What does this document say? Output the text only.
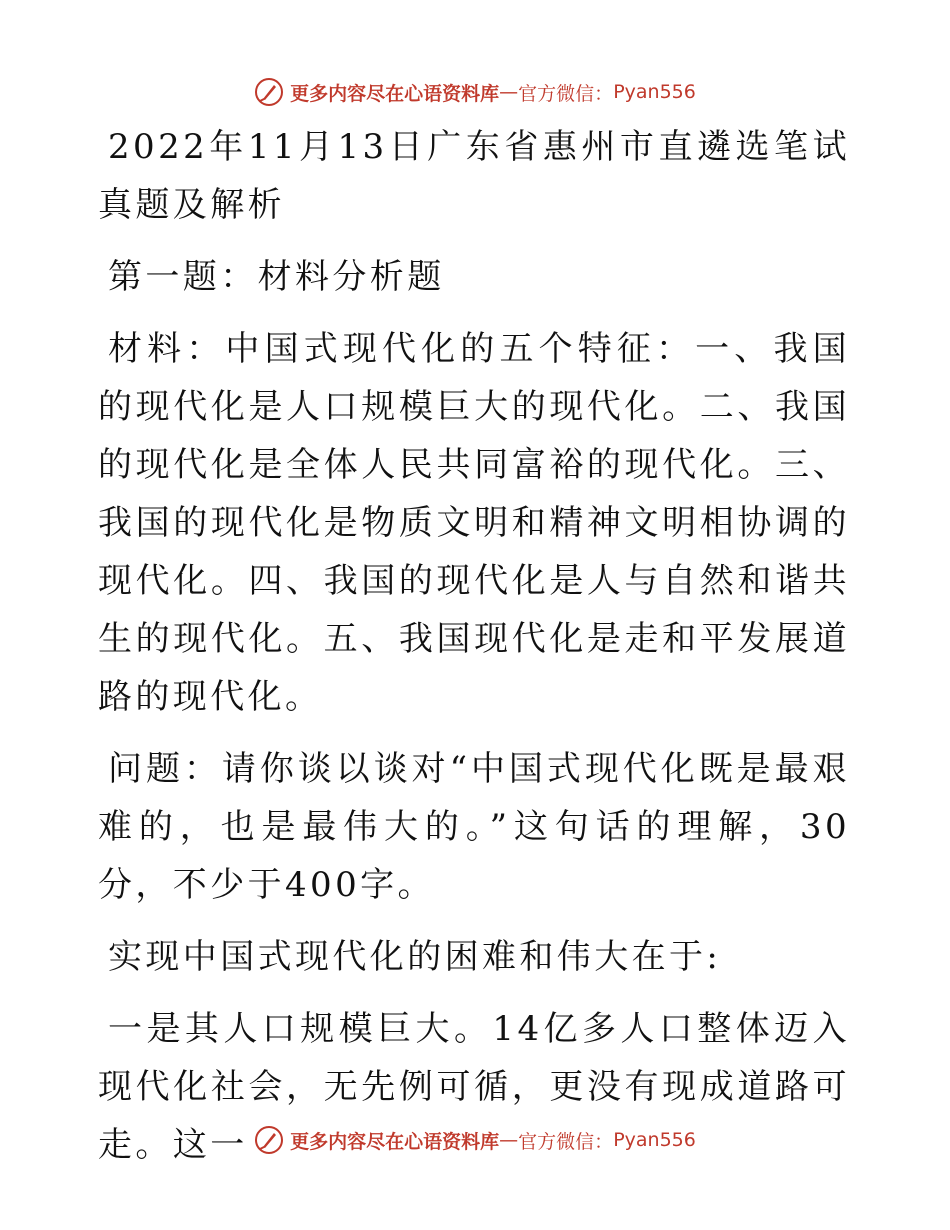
更多内容尽在心语资料库 — 官方微信： Pyan556

2022年11月13日广东省惠州市直遴选笔试真题及解析

第一题：材料分析题

材料：中国式现代化的五个特征：一、我国的现代化是人口规模巨大的现代化。二、我国的现代化是全体人民共同富裕的现代化。三、我国的现代化是物质文明和精神文明相协调的现代化。四、我国的现代化是人与自然和谐共生的现代化。五、我国现代化是走和平发展道路的现代化。

问题：请你谈以谈对“中国式现代化既是最艰难的，也是最伟大的。”这句话的理解，30分，不少于400字。

实现中国式现代化的困难和伟大在于:

一是其人口规模巨大。14亿多人口整体迈入现代化社会，无先例可循，更没有现成道路可走。这一	更多内容尽在心语资料库 — 官方微信： Pyan556
